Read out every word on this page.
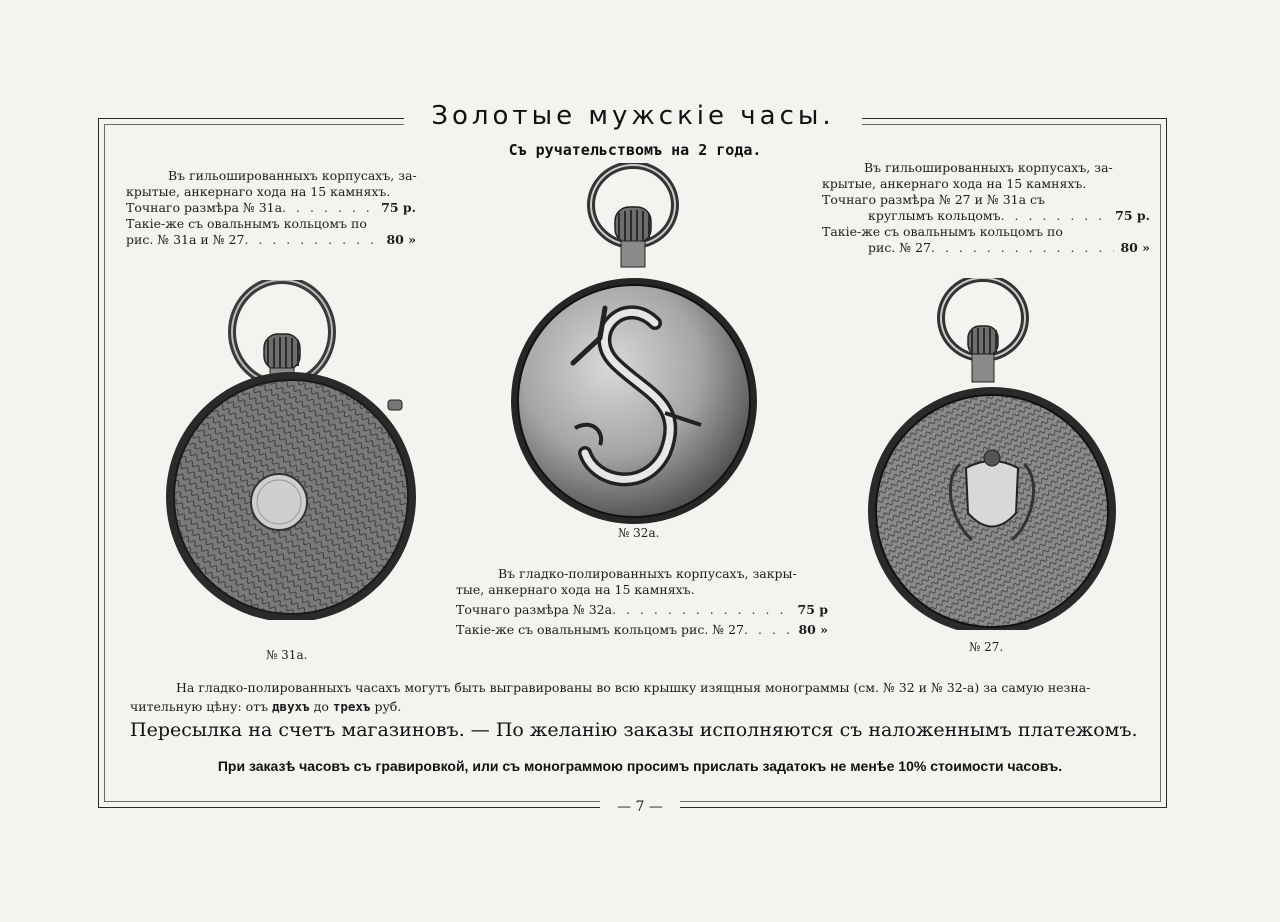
Золотые мужскiе часы.
Съ ручательствомъ на 2 года.

Въ гильошированныхъ корпусахъ, за-

крытые, анкернаго хода на 15 камняхъ.

Точнаго размѣра № 31а . . .	75 р.

Такiе-же съ овальнымъ кольцомъ по

рис. № 31а и № 27 . . .	80 »

Въ гильошированныхъ корпусахъ, за-

крытые, анкернаго хода на 15 камняхъ.

Точнаго размѣра № 27 и № 31а съ

круглымъ кольцомъ . . .	75 р.

Такiе-же съ овальнымъ кольцомъ по

рис. № 27 . . .	80 »

Въ гладко-полированныхъ корпусахъ, закры-

тые, анкернаго хода на 15 камняхъ.

Точнаго размѣра № 32а . . .	75 р
Такiе-же съ овальнымъ кольцомъ рис. № 27 . . .	80 »
№ 31а.
№ 32а.
№ 27.

На гладко-полированныхъ часахъ могутъ быть выгравированы во всю крышку изящныя монограммы (см. № 32 и № 32-а) за самую незна-

чительную цѣну: отъ двухъ до трехъ руб.

Пересылка на счетъ магазиновъ. — По желанiю заказы исполняются съ наложеннымъ платежомъ.
При заказѣ часовъ съ гравировкой, или съ монограммою просимъ прислать задатокъ не менѣе 10% стоимости часовъ.
— 7 —
